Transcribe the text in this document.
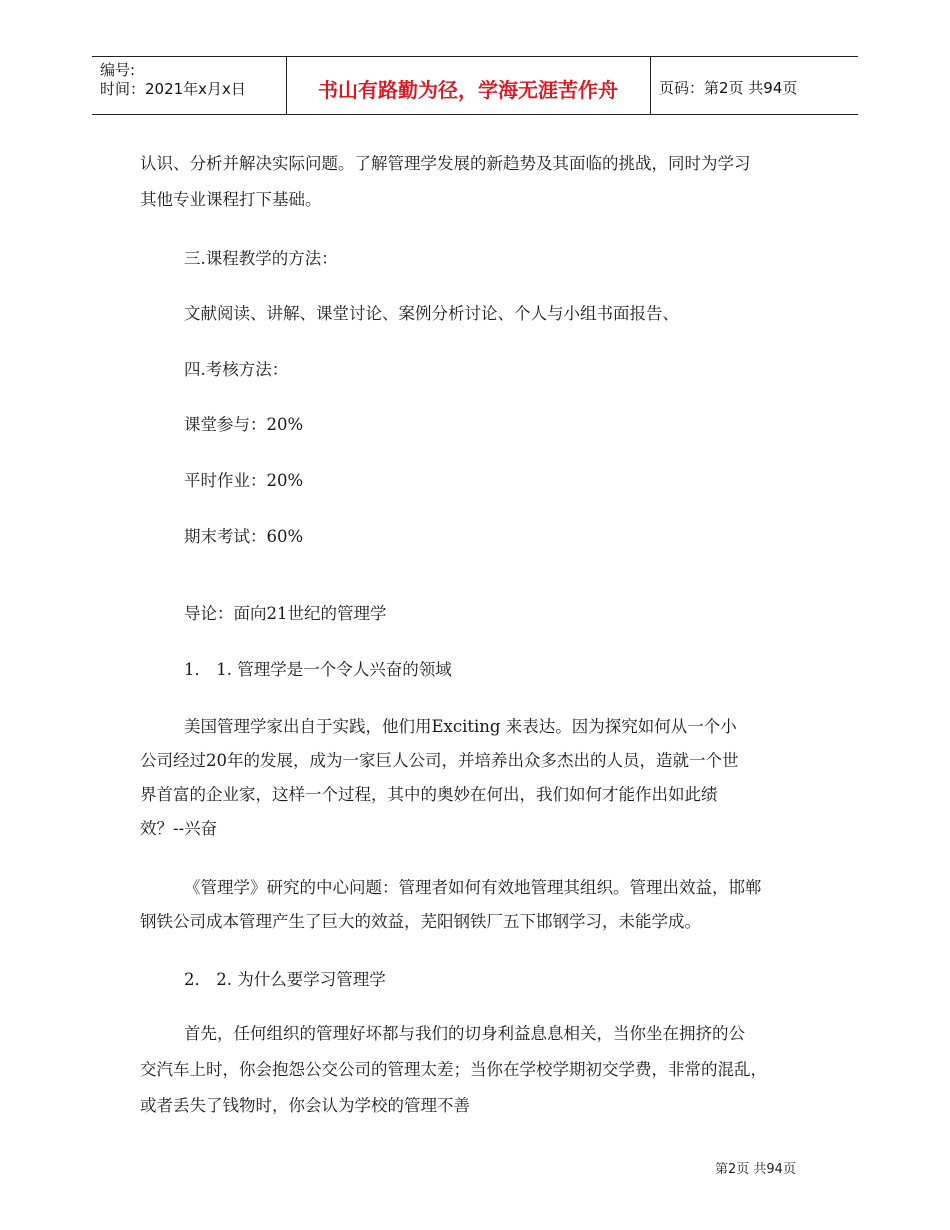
编号:
时间：2021年x月x日	书山有路勤为径，学海无涯苦作舟	页码：第2页 共94页
认识、分析并解决实际问题。了解管理学发展的新趋势及其面临的挑战，同时为学习
其他专业课程打下基础。
三.课程教学的方法：
文献阅读、讲解、课堂讨论、案例分析讨论、个人与小组书面报告、
四.考核方法：
课堂参与：20%
平时作业：20%
期末考试：60%
导论：面向21世纪的管理学
1． 1. 管理学是一个令人兴奋的领域
美国管理学家出自于实践，他们用Exciting 来表达。因为探究如何从一个小
公司经过20年的发展，成为一家巨人公司，并培养出众多杰出的人员，造就一个世
界首富的企业家，这样一个过程，其中的奥妙在何出，我们如何才能作出如此绩
效？--兴奋
《管理学》研究的中心问题：管理者如何有效地管理其组织。管理出效益，邯郸
钢铁公司成本管理产生了巨大的效益，芜阳钢铁厂五下邯钢学习，未能学成。
2． 2. 为什么要学习管理学
首先，任何组织的管理好坏都与我们的切身利益息息相关，当你坐在拥挤的公
交汽车上时，你会抱怨公交公司的管理太差；当你在学校学期初交学费，非常的混乱，
或者丢失了钱物时，你会认为学校的管理不善
第2页 共94页
